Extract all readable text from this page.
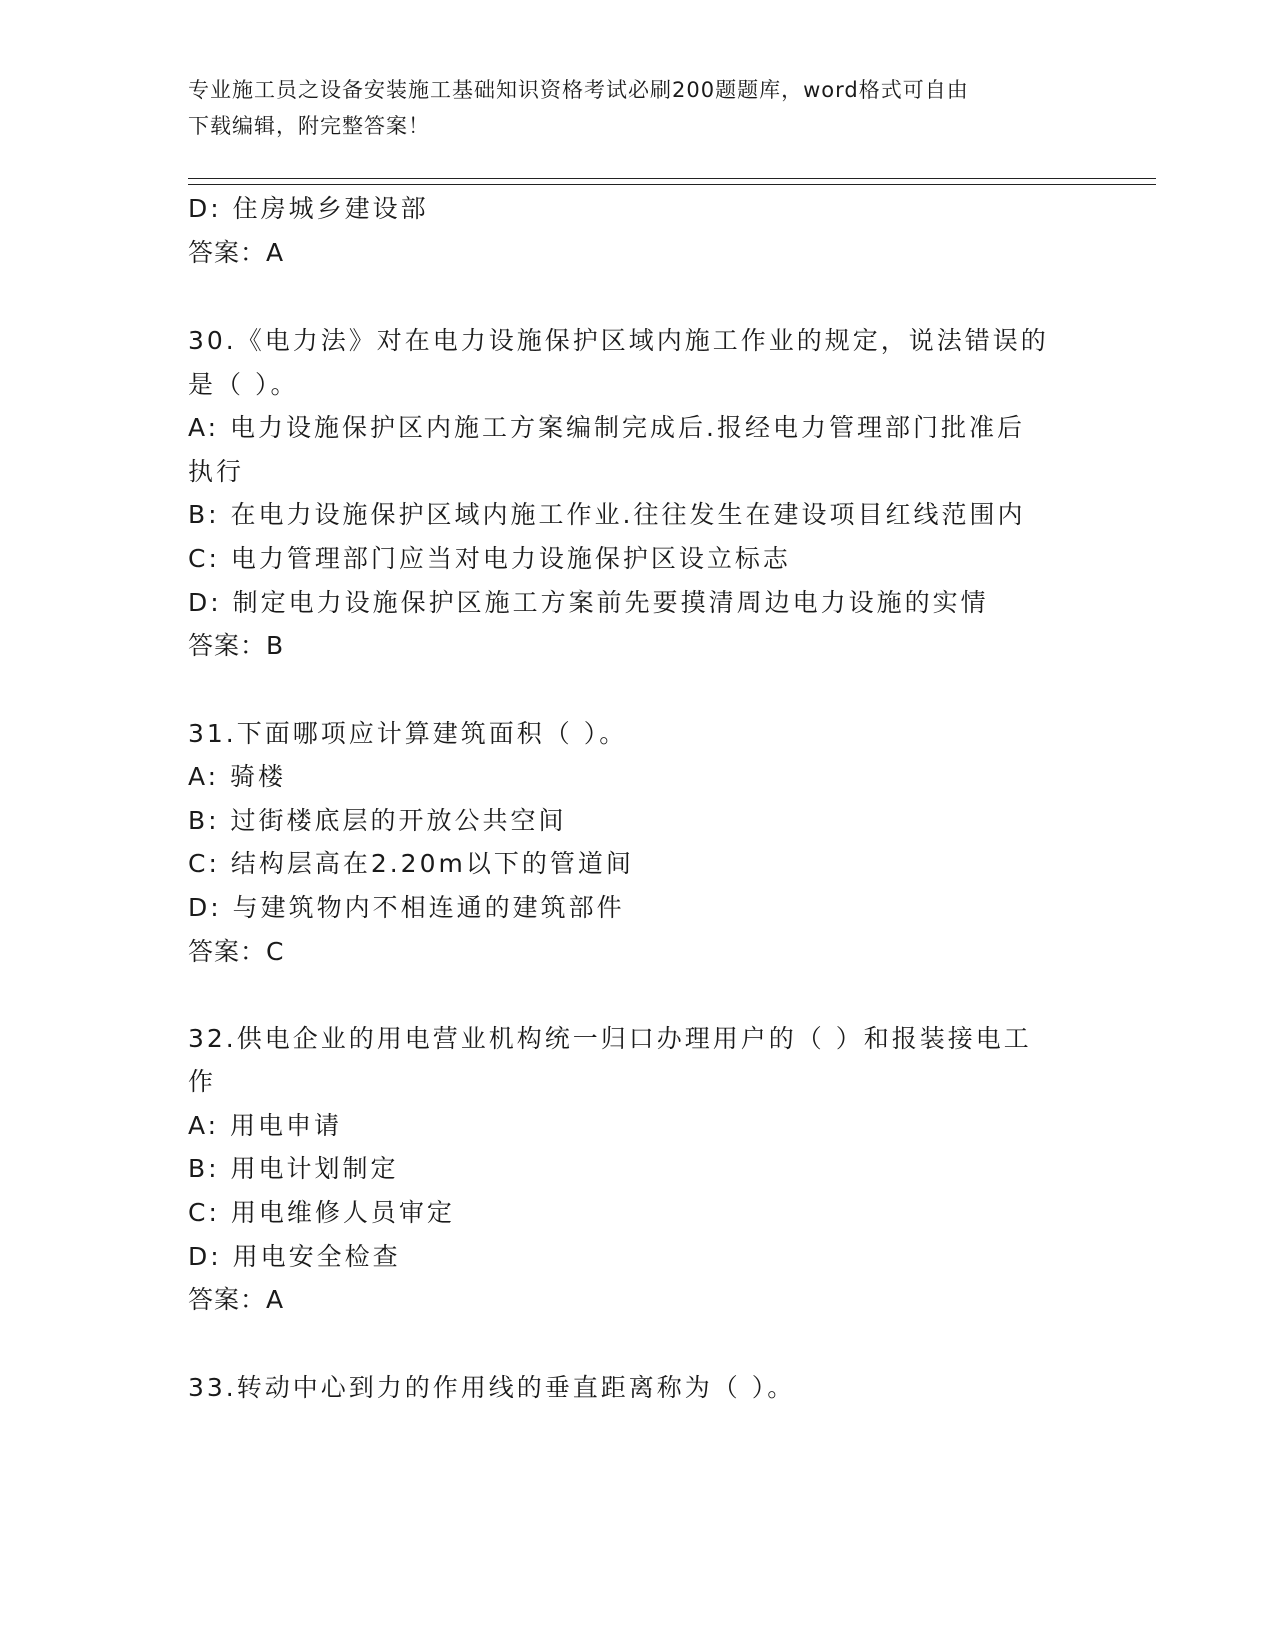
专业施工员之设备安装施工基础知识资格考试必刷200题题库，word格式可自由
下载编辑，附完整答案！
D: 住房城乡建设部
答案：A
30.《电力法》对在电力设施保护区域内施工作业的规定，说法错误的
是（ ）。
A: 电力设施保护区内施工方案编制完成后.报经电力管理部门批准后
执行
B: 在电力设施保护区域内施工作业.往往发生在建设项目红线范围内
C: 电力管理部门应当对电力设施保护区设立标志
D: 制定电力设施保护区施工方案前先要摸清周边电力设施的实情
答案：B
31.下面哪项应计算建筑面积（ ）。
A: 骑楼
B: 过街楼底层的开放公共空间
C: 结构层高在2.20m以下的管道间
D: 与建筑物内不相连通的建筑部件
答案：C
32.供电企业的用电营业机构统一归口办理用户的（ ）和报装接电工
作
A: 用电申请
B: 用电计划制定
C: 用电维修人员审定
D: 用电安全检查
答案：A
33.转动中心到力的作用线的垂直距离称为（ ）。
